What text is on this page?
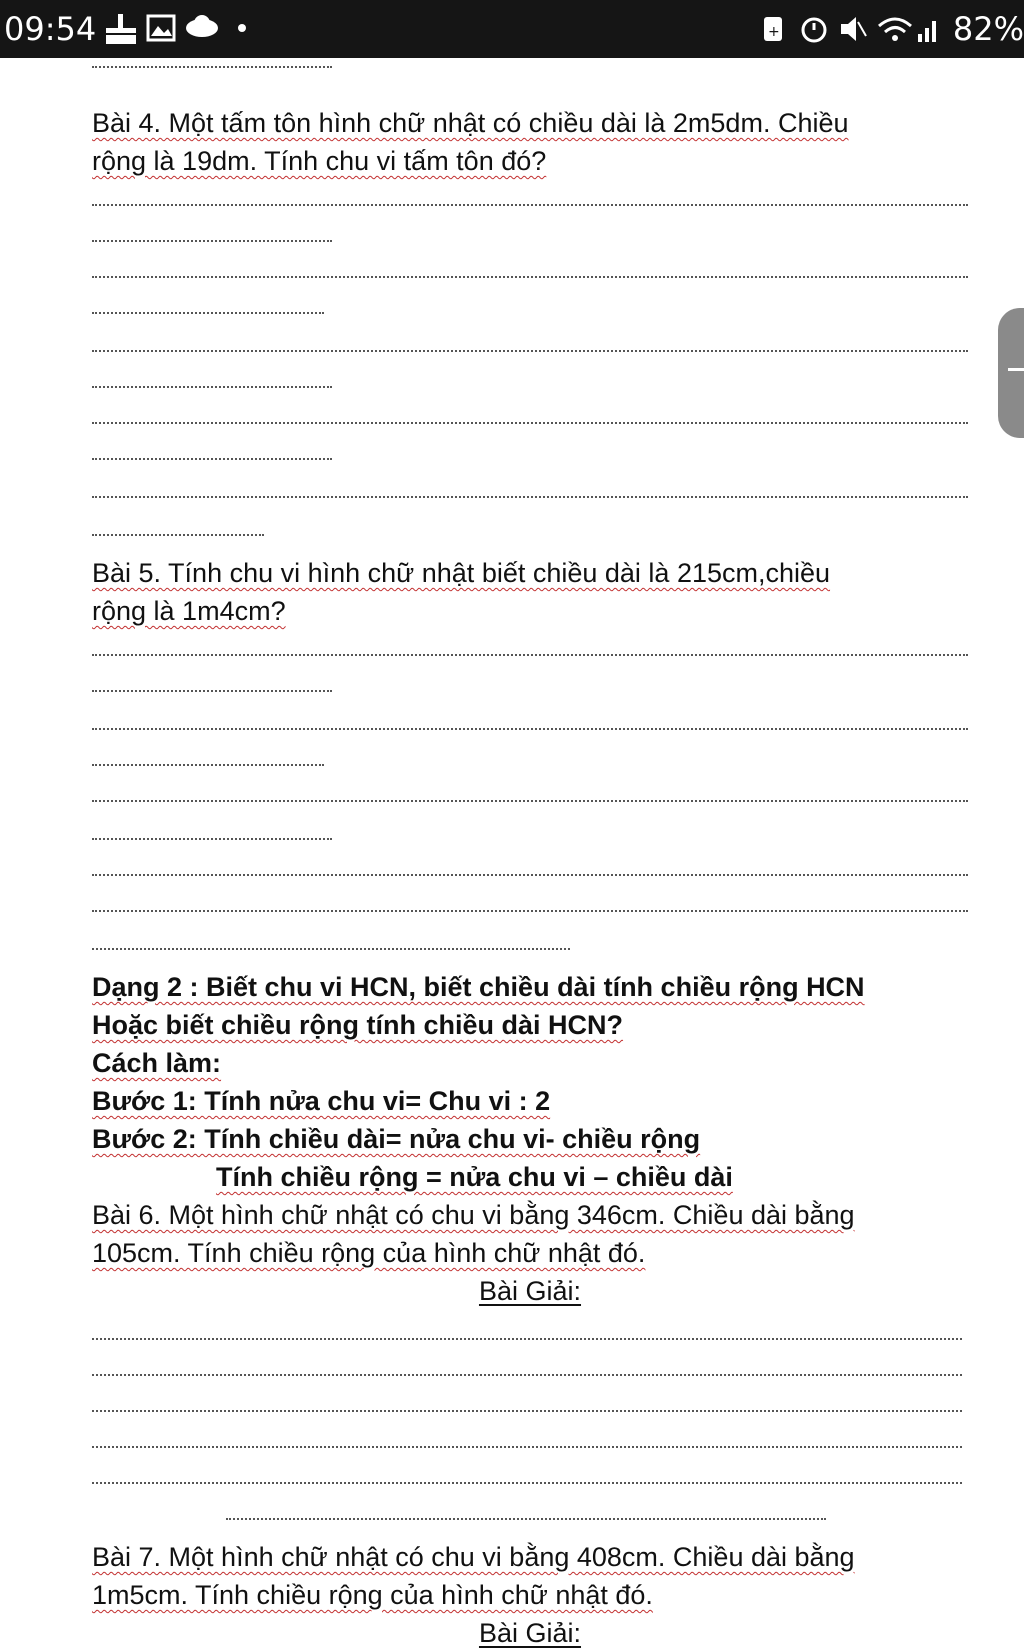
09:54	+	82%
Bài 4. Một tấm tôn hình chữ nhật có chiều dài là 2m5dm. Chiều
rộng là 19dm. Tính chu vi tấm tôn đó?
Bài 5. Tính chu vi hình chữ nhật biết chiều dài là 215cm,chiều
rộng là 1m4cm?
Dạng 2 : Biết chu vi HCN, biết chiều dài tính chiều rộng HCN
Hoặc biết chiều rộng tính chiều dài HCN?
Cách làm:
Bước 1: Tính nửa chu vi= Chu vi : 2
Bước 2: Tính chiều dài= nửa chu vi- chiều rộng
Tính chiều rộng = nửa chu vi – chiều dài
Bài 6. Một hình chữ nhật có chu vi bằng 346cm. Chiều dài bằng
105cm. Tính chiều rộng của hình chữ nhật đó.
Bài Giải:
Bài 7. Một hình chữ nhật có chu vi bằng 408cm. Chiều dài bằng
1m5cm. Tính chiều rộng của hình chữ nhật đó.
Bài Giải:
